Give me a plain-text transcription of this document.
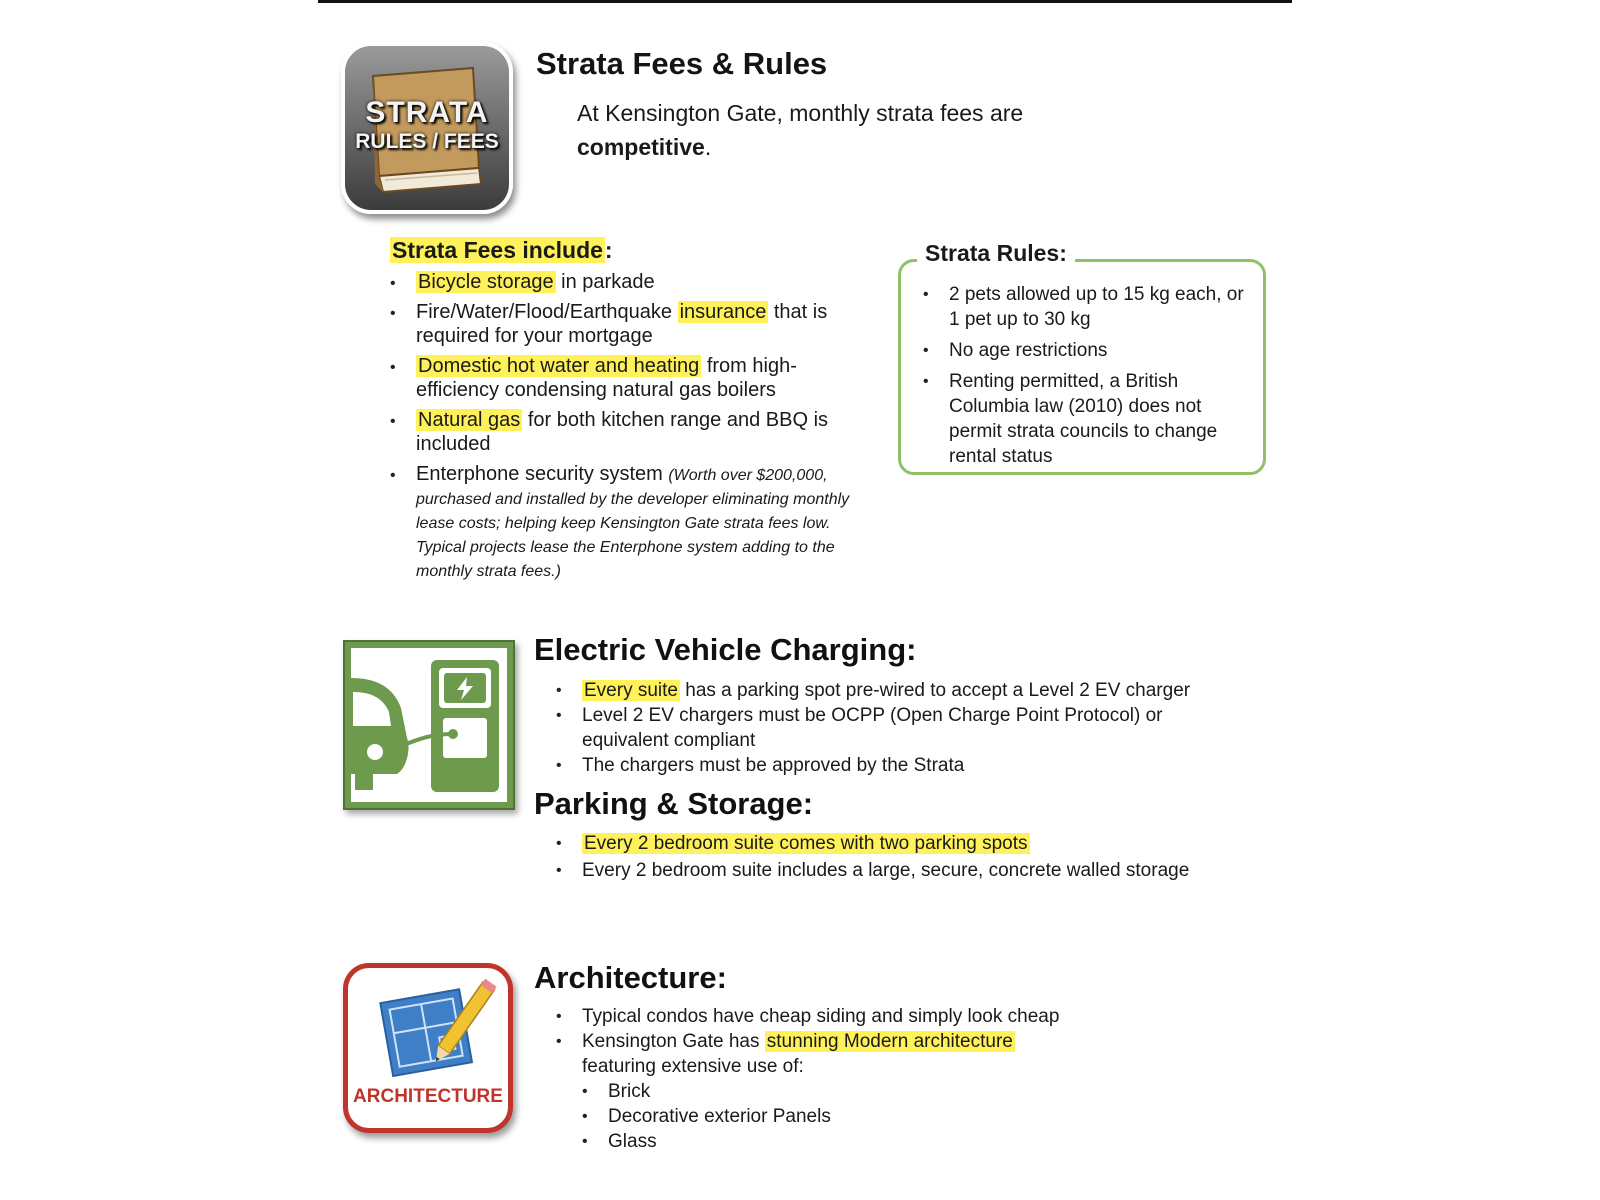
STRATA
RULES / FEES
Strata Fees & Rules
At Kensington Gate, monthly strata fees are competitive.
Strata Fees include:
• Bicycle storage in parkade
• Fire/Water/Flood/Earthquake insurance that is required for your mortgage
• Domestic hot water and heating from high-efficiency condensing natural gas boilers
• Natural gas for both kitchen range and BBQ is included
• Enterphone security system (Worth over $200,000, purchased and installed by the developer eliminating monthly lease costs; helping keep Kensington Gate strata fees low. Typical projects lease the Enterphone system adding to the monthly strata fees.)
Strata Rules:
• 2 pets allowed up to 15 kg each, or 1 pet up to 30 kg
• No age restrictions
• Renting permitted, a British Columbia law (2010) does not permit strata councils to change rental status
Electric Vehicle Charging:
• Every suite has a parking spot pre-wired to accept a Level 2 EV charger
• Level 2 EV chargers must be OCPP (Open Charge Point Protocol) or equivalent compliant
• The chargers must be approved by the Strata
Parking & Storage:
• Every 2 bedroom suite comes with two parking spots
• Every 2 bedroom suite includes a large, secure, concrete walled storage
ARCHITECTURE
Architecture:
• Typical condos have cheap siding and simply look cheap
• Kensington Gate has stunning Modern architecture
featuring extensive use of:
• Brick
• Decorative exterior Panels
• Glass
